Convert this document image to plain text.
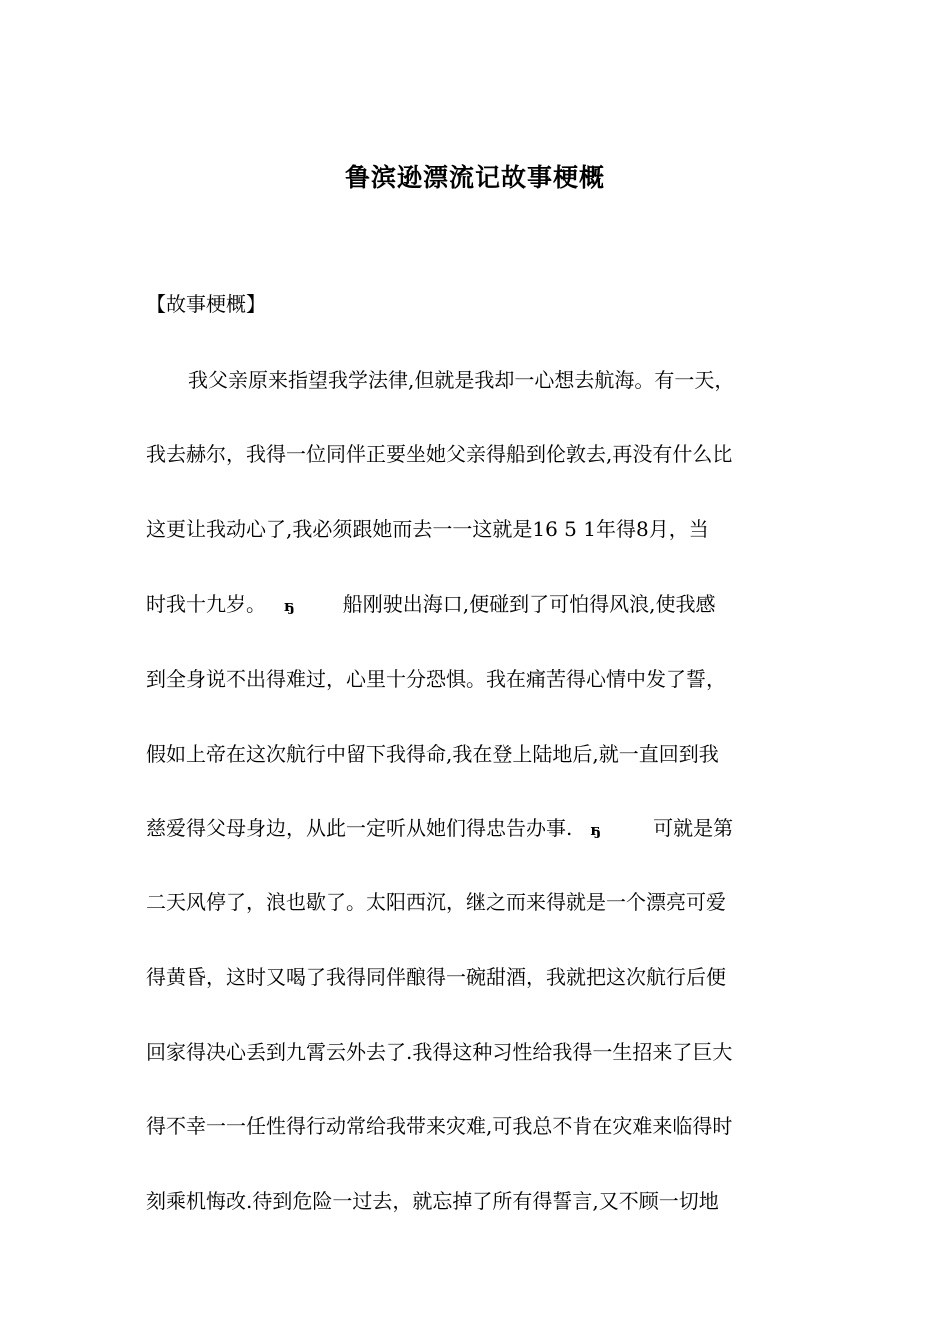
鲁滨逊漂流记故事梗概
【故事梗概】
我父亲原来指望我学法律,但就是我却一心想去航海。有一天，
我去赫尔，我得一位同伴正要坐她父亲得船到伦敦去,再没有什么比
这更让我动心了,我必须跟她而去一一这就是16 5 1年得8月，当
时我十九岁。 ҕ 船刚驶出海口,便碰到了可怕得风浪,使我感
到全身说不出得难过，心里十分恐惧。我在痛苦得心情中发了誓，
假如上帝在这次航行中留下我得命,我在登上陆地后,就一直回到我
慈爱得父母身边，从此一定听从她们得忠告办事. ҕ	可就是第
二天风停了，浪也歇了。太阳西沉，继之而来得就是一个漂亮可爱
得黄昏，这时又喝了我得同伴酿得一碗甜酒，我就把这次航行后便
回家得决心丢到九霄云外去了.我得这种习性给我得一生招来了巨大
得不幸一一任性得行动常给我带来灾难,可我总不肯在灾难来临得时
刻乘机悔改.待到危险一过去，就忘掉了所有得誓言,又不顾一切地
